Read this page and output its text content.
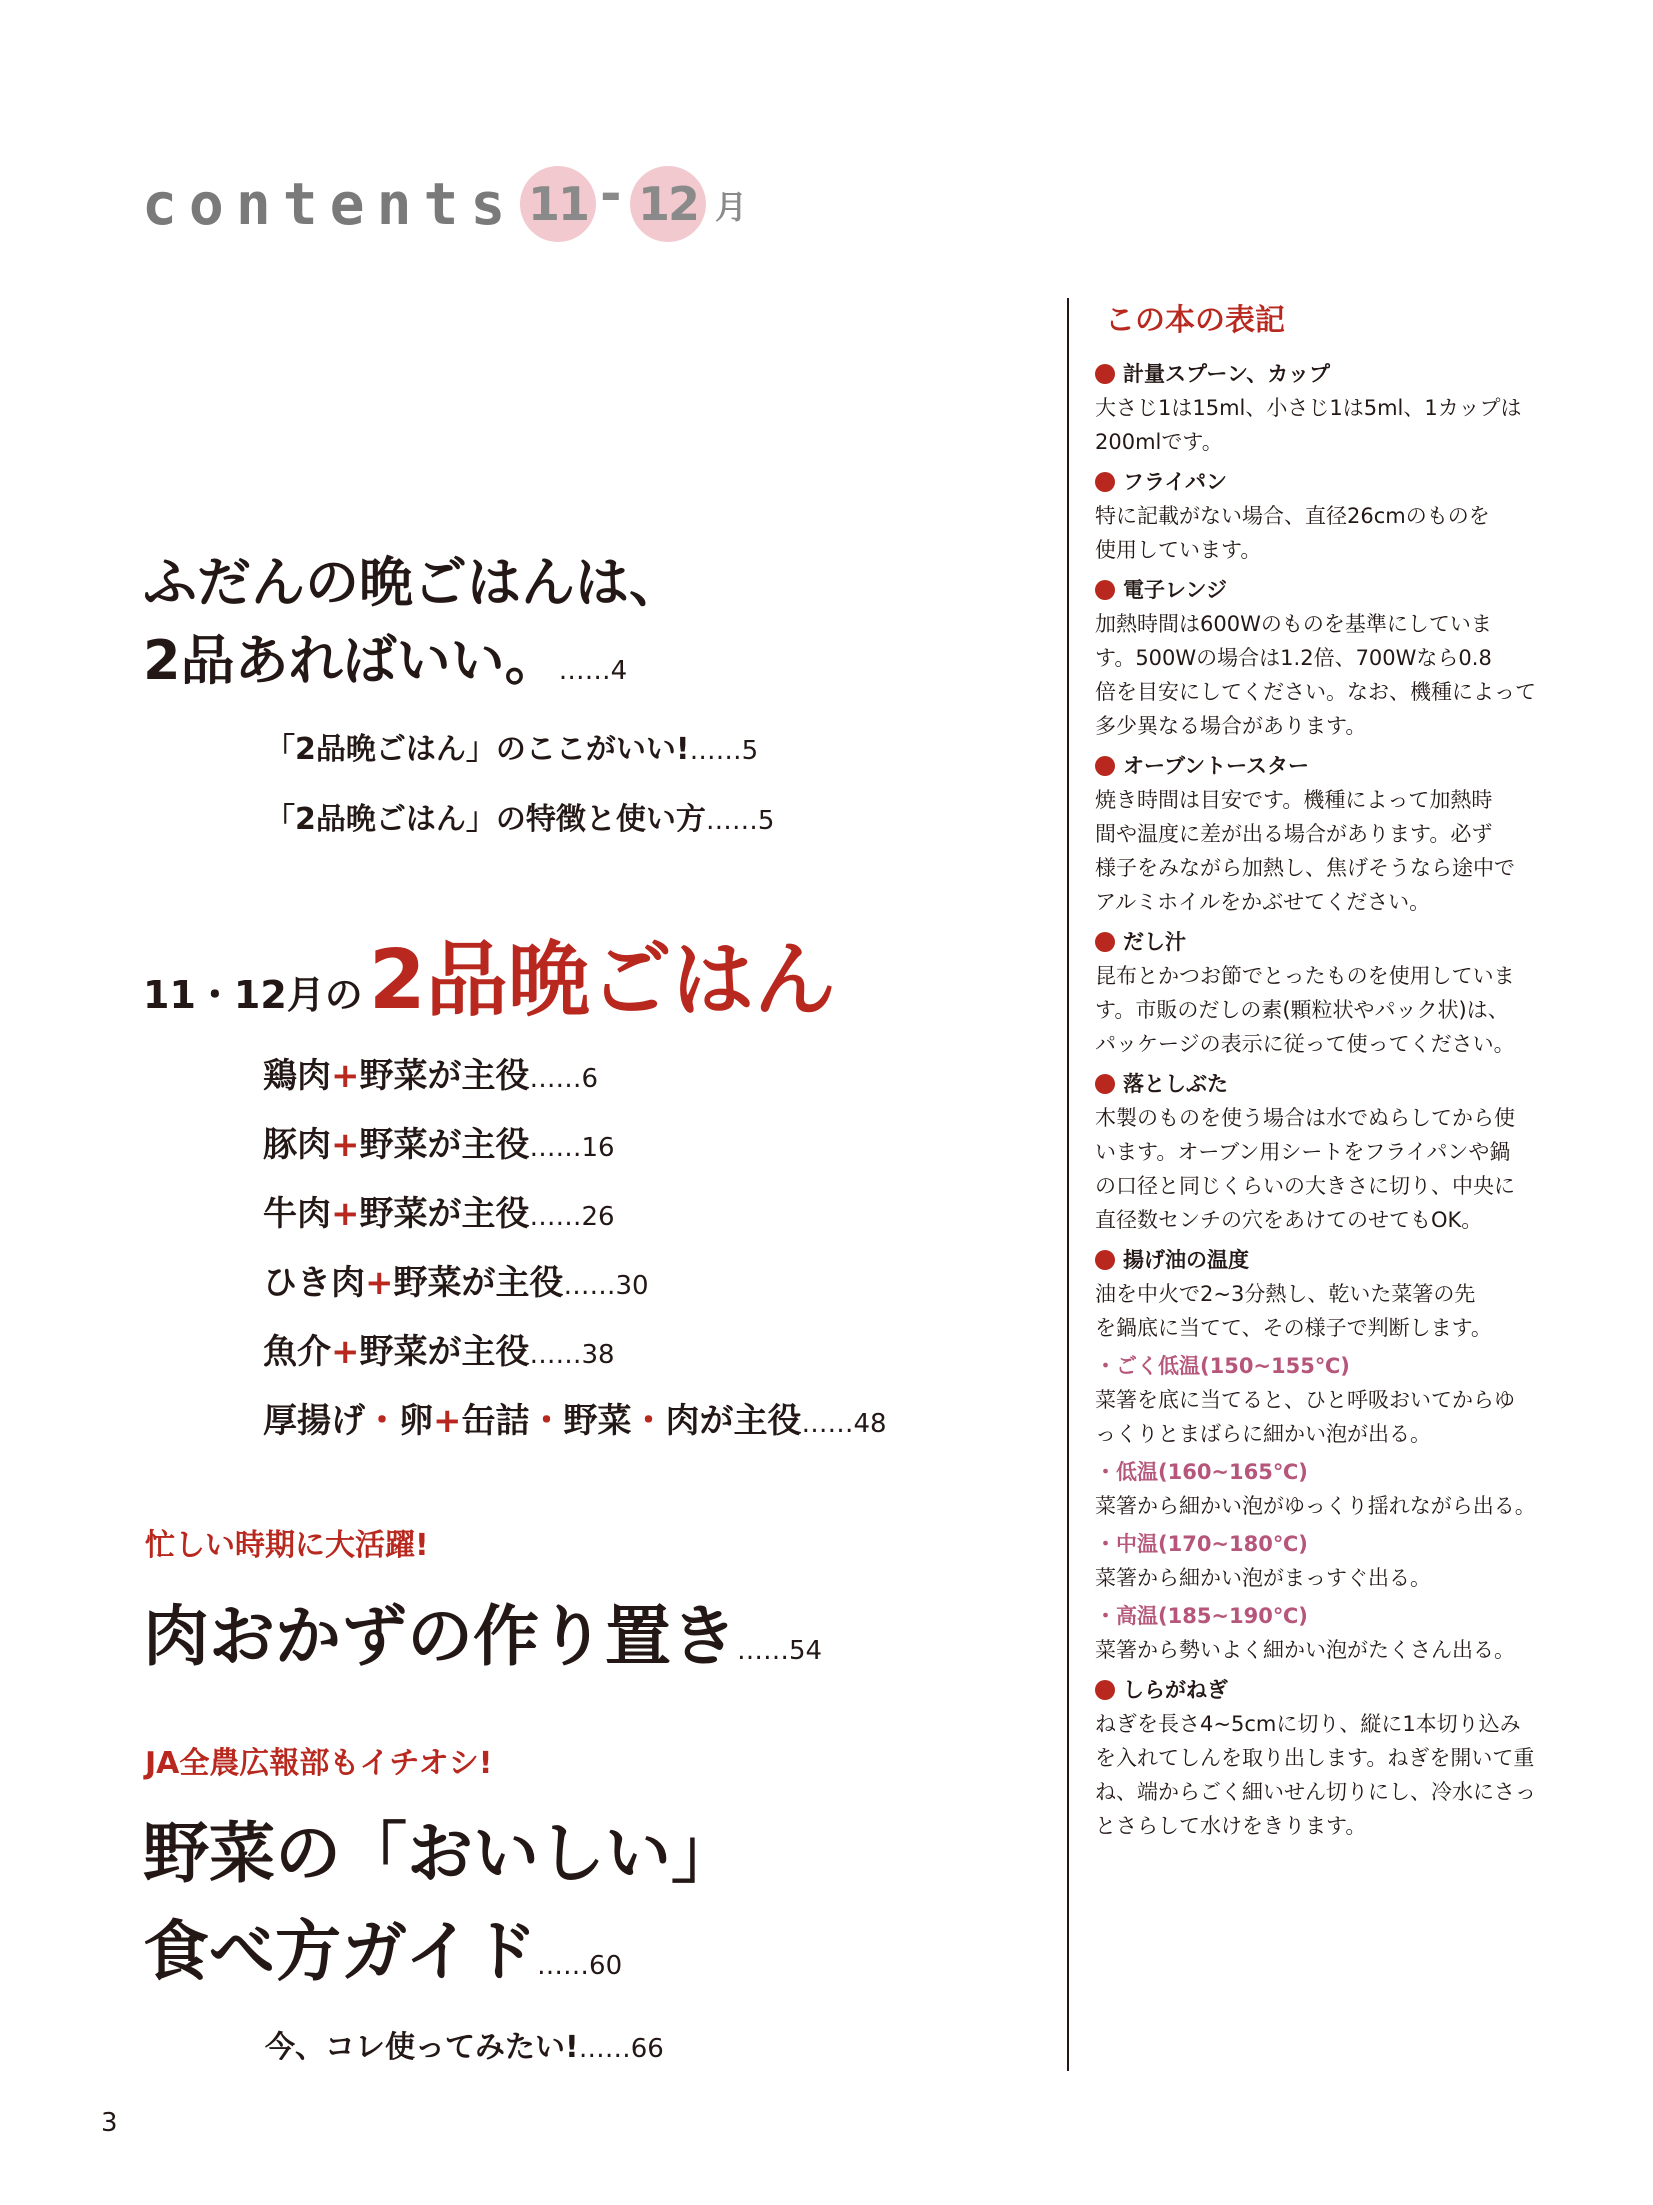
contents 11 - 12 月
ふだんの晩ごはんは、
2品あればいい。……4
「2品晩ごはん」のここがいい!……5
「2品晩ごはん」の特徴と使い方……5
11・12月の2品晩ごはん
鶏肉+野菜が主役……6
豚肉+野菜が主役……16
牛肉+野菜が主役……26
ひき肉+野菜が主役……30
魚介+野菜が主役……38
厚揚げ・卵+缶詰・野菜・肉が主役……48
忙しい時期に大活躍!
肉おかずの作り置き……54
JA全農広報部もイチオシ!
野菜の「おいしい」
食べ方ガイド……60
今、コレ使ってみたい!……66
この本の表記
計量スプーン、カップ
大さじ1は15ml、小さじ1は5ml、1カップは
200mlです。
フライパン
特に記載がない場合、直径26cmのものを
使用しています。
電子レンジ
加熱時間は600Wのものを基準にしていま
す。500Wの場合は1.2倍、700Wなら0.8
倍を目安にしてください。なお、機種によって
多少異なる場合があります。
オーブントースター
焼き時間は目安です。機種によって加熱時
間や温度に差が出る場合があります。必ず
様子をみながら加熱し、焦げそうなら途中で
アルミホイルをかぶせてください。
だし汁
昆布とかつお節でとったものを使用していま
す。市販のだしの素(顆粒状やパック状)は、
パッケージの表示に従って使ってください。
落としぶた
木製のものを使う場合は水でぬらしてから使
います。オーブン用シートをフライパンや鍋
の口径と同じくらいの大きさに切り、中央に
直径数センチの穴をあけてのせてもOK。
揚げ油の温度
油を中火で2~3分熱し、乾いた菜箸の先
を鍋底に当てて、その様子で判断します。
・ごく低温(150~155℃)
菜箸を底に当てると、ひと呼吸おいてからゆ
っくりとまばらに細かい泡が出る。
・低温(160~165℃)
菜箸から細かい泡がゆっくり揺れながら出る。
・中温(170~180℃)
菜箸から細かい泡がまっすぐ出る。
・高温(185~190℃)
菜箸から勢いよく細かい泡がたくさん出る。
しらがねぎ
ねぎを長さ4~5cmに切り、縦に1本切り込み
を入れてしんを取り出します。ねぎを開いて重
ね、端からごく細いせん切りにし、冷水にさっ
とさらして水けをきります。
3
